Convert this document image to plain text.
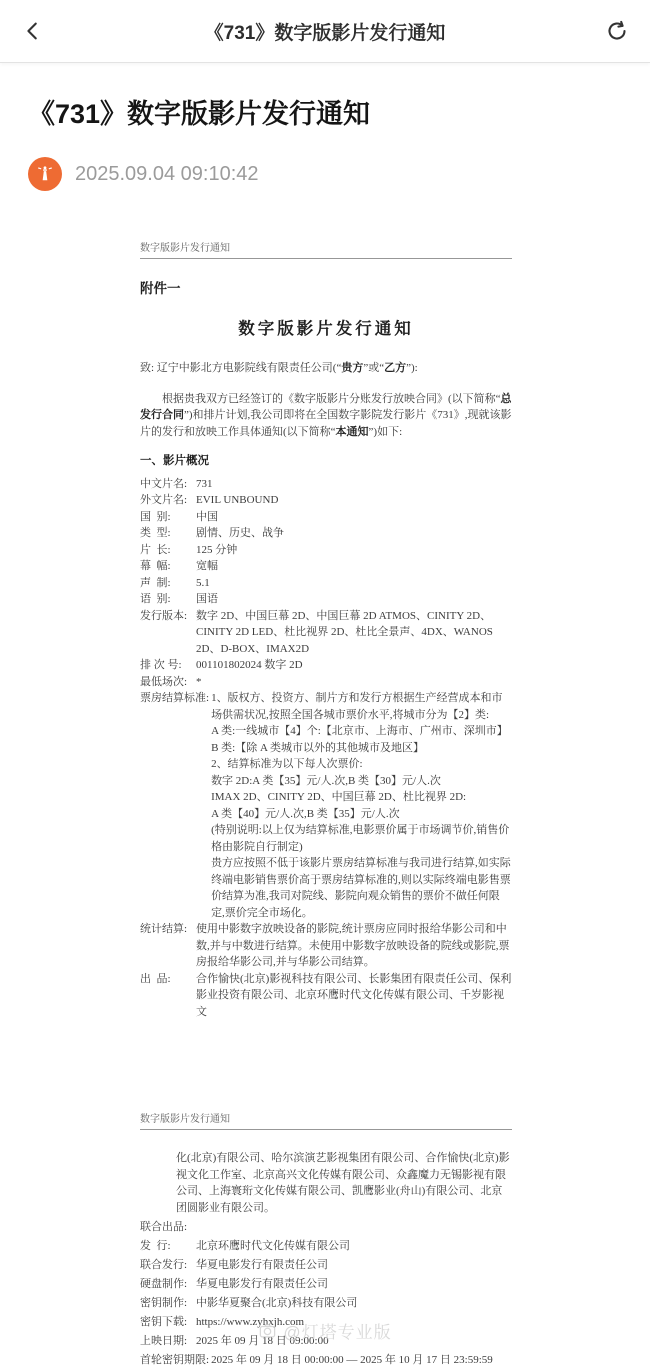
《731》数字版影片发行通知
《731》数字版影片发行通知
2025.09.04 09:10:42
数字版影片发行通知
附件一
数字版影片发行通知

致: 辽宁中影北方电影院线有限责任公司(“贵方”或“乙方”):

根据贵我双方已经签订的《数字版影片分账发行放映合同》(以下简称“总发行合同”)和排片计划,我公司即将在全国数字影院发行影片《731》,现就该影片的发行和放映工作具体通知(以下简称“本通知”)如下:

一、影片概况
中文片名: 731
外文片名: EVIL UNBOUND
国  别:	中国
类  型:	剧情、历史、战争
片  长:	125 分钟
幕  幅:	宽幅
声  制:	5.1
语  别:	国语
发行版本: 数字 2D、中国巨幕 2D、中国巨幕 2D ATMOS、CINITY 2D、CINITY 2D LED、杜比视界 2D、杜比全景声、4DX、WANOS 2D、D-BOX、IMAX2D
排 次 号:	001101802024 数字 2D
最低场次: *
票房结算标准: 1、版权方、投资方、制片方和发行方根据生产经营成本和市场供需状况,按照全国各城市票价水平,将城市分为【2】类:
A 类:一线城市【4】个:【北京市、上海市、广州市、深圳市】
B 类:【除 A 类城市以外的其他城市及地区】
2、结算标准为以下每人次票价:
数字 2D:A 类【35】元/人.次,B 类【30】元/人.次
IMAX 2D、CINITY 2D、中国巨幕 2D、杜比视界 2D:
A 类【40】元/人.次,B 类【35】元/人.次
(特别说明:以上仅为结算标准,电影票价属于市场调节价,销售价格由影院自行制定)
贵方应按照不低于该影片票房结算标准与我司进行结算,如实际终端电影销售票价高于票房结算标准的,则以实际终端电影售票价结算为准,我司对院线、影院向观众销售的票价不做任何限定,票价完全市场化。
统计结算: 使用中影数字放映设备的影院,统计票房应同时报给华影公司和中数,并与中数进行结算。未使用中影数字放映设备的院线或影院,票房报给华影公司,并与华影公司结算。
出  品:	合作愉快(北京)影视科技有限公司、长影集团有限责任公司、保利影业投资有限公司、北京环鹰时代文化传媒有限公司、千岁影视文
数字版影片发行通知

化(北京)有限公司、哈尔滨演艺影视集团有限公司、合作愉快(北京)影视文化工作室、北京高兴文化传媒有限公司、众鑫魔力无锡影视有限公司、上海寰珩文化传媒有限公司、凯鹰影业(舟山)有限公司、北京团圆影业有限公司。

联合出品:
发  行:	北京环鹰时代文化传媒有限公司
联合发行: 华夏电影发行有限责任公司
硬盘制作: 华夏电影发行有限责任公司
密钥制作: 中影华夏聚合(北京)科技有限公司
密钥下载: https://www.zyhxjh.com
上映日期: 2025 年 09 月 18 日 09:00:00
首轮密钥期限: 2025 年 09 月 18 日 00:00:00 — 2025 年 10 月 17 日 23:59:59
@灯塔专业版
